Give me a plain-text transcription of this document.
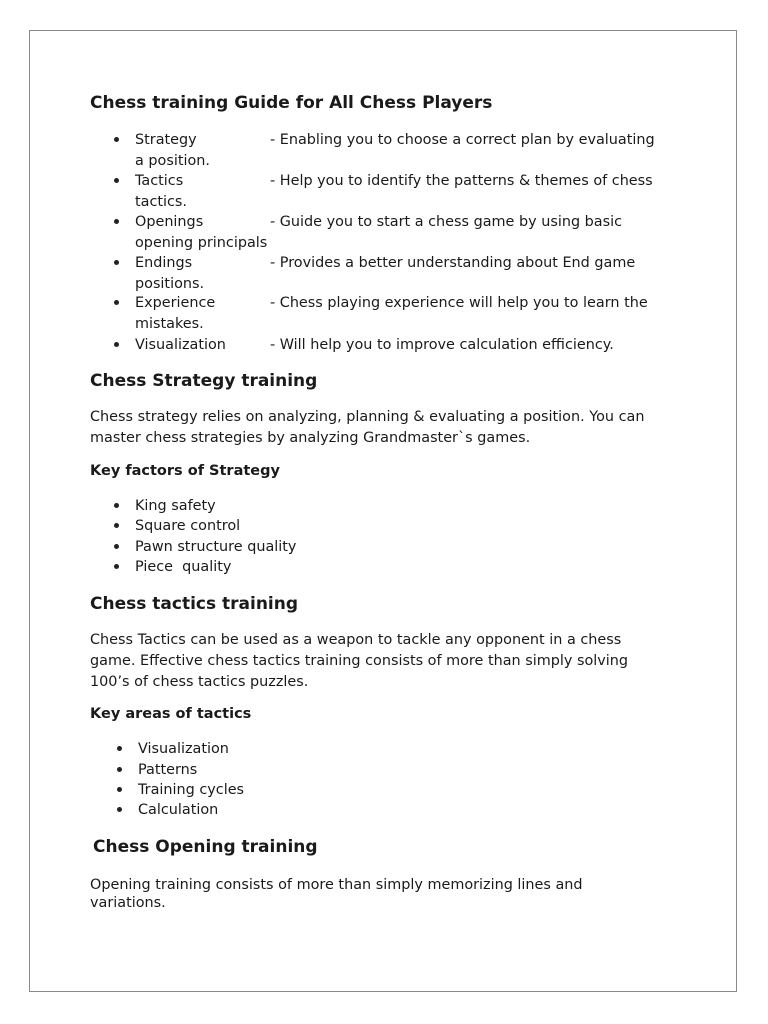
Chess training Guide for All Chess Players
Strategy	- Enabling you to choose a correct plan by evaluating
a position.
Tactics	- Help you to identify the patterns & themes of chess
tactics.
Openings	- Guide you to start a chess game by using basic
opening principals
Endings	- Provides a better understanding about End game
positions.
Experience	- Chess playing experience will help you to learn the
mistakes.
Visualization	- Will help you to improve calculation efficiency.
Chess Strategy training
Chess strategy relies on analyzing, planning & evaluating a position. You can
master chess strategies by analyzing Grandmaster`s games.
Key factors of Strategy
King safety
Square control
Pawn structure quality
Piece  quality
Chess tactics training
Chess Tactics can be used as a weapon to tackle any opponent in a chess
game. Effective chess tactics training consists of more than simply solving
100’s of chess tactics puzzles.
Key areas of tactics
Visualization
Patterns
Training cycles
Calculation
Chess Opening training
Opening training consists of more than simply memorizing lines and
variations.
